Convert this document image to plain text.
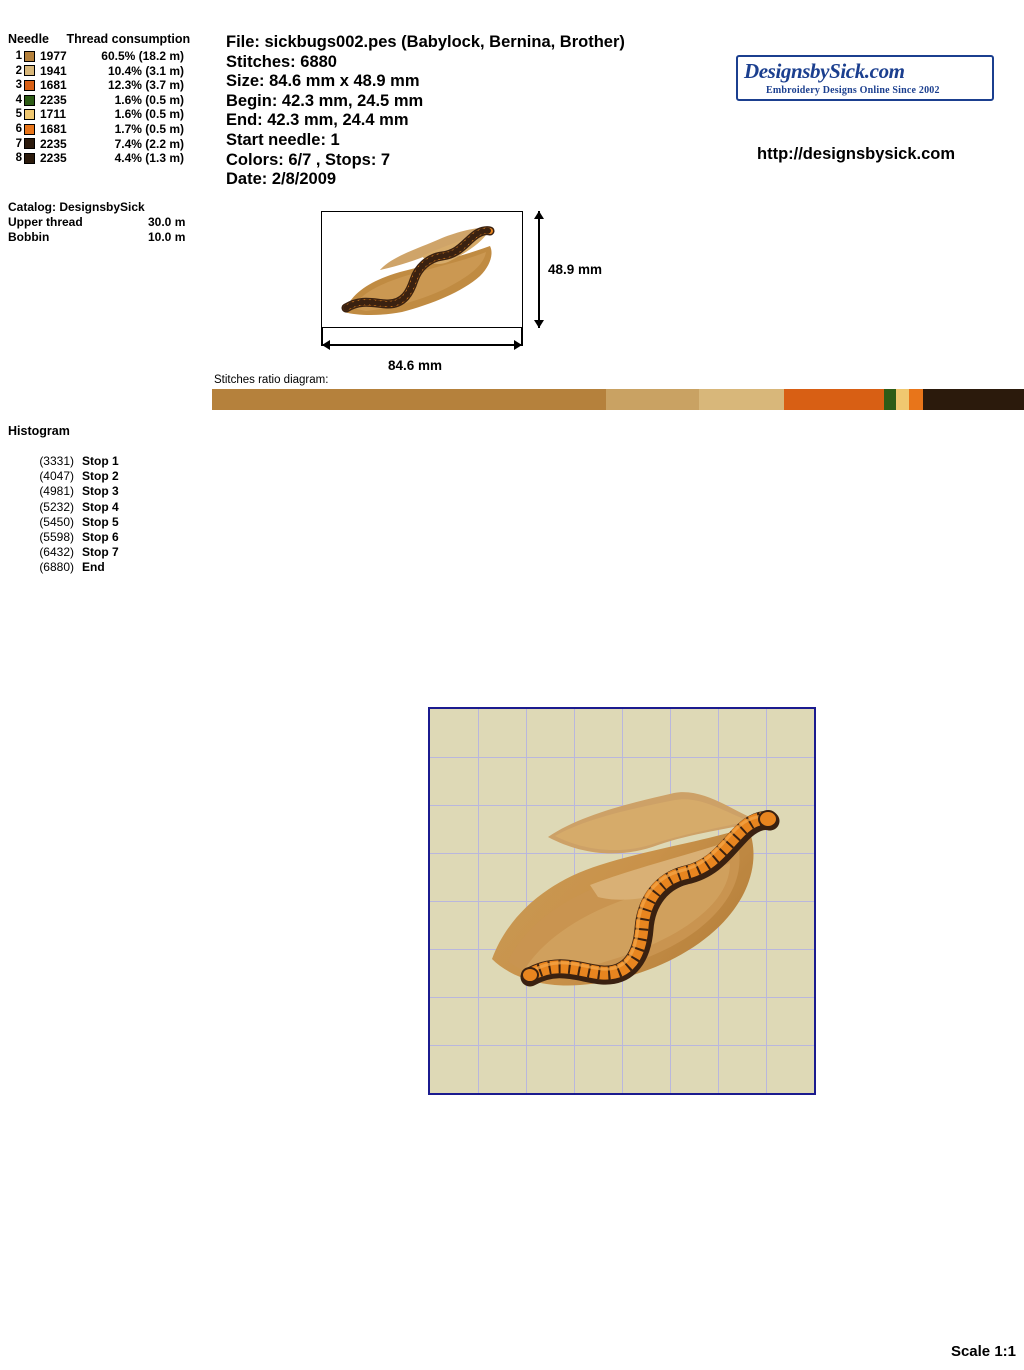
Needle Thread consumption
1 1977	60.5% (18.2 m)
2 1941	10.4% (3.1 m)
3 1681	12.3% (3.7 m)
4 2235	1.6% (0.5 m)
5 1711	1.6% (0.5 m)
6 1681	1.7% (0.5 m)
7 2235	7.4% (2.2 m)
8 2235	4.4% (1.3 m)
Catalog: DesignsbySick
Upper thread	30.0 m
Bobbin	10.0 m
File: sickbugs002.pes (Babylock, Bernina, Brother)
Stitches: 6880
Size: 84.6 mm x 48.9 mm
Begin: 42.3 mm, 24.5 mm
End: 42.3 mm, 24.4 mm
Start needle: 1
Colors: 6/7 , Stops: 7
Date: 2/8/2009
DesignsbySick.com
Embroidery Designs Online Since 2002
http://designsbysick.com
48.9 mm
84.6 mm
Stitches ratio diagram:
Histogram
(3331) Stop 1
(4047) Stop 2
(4981) Stop 3
(5232) Stop 4
(5450) Stop 5
(5598) Stop 6
(6432) Stop 7
(6880) End
Scale 1:1
